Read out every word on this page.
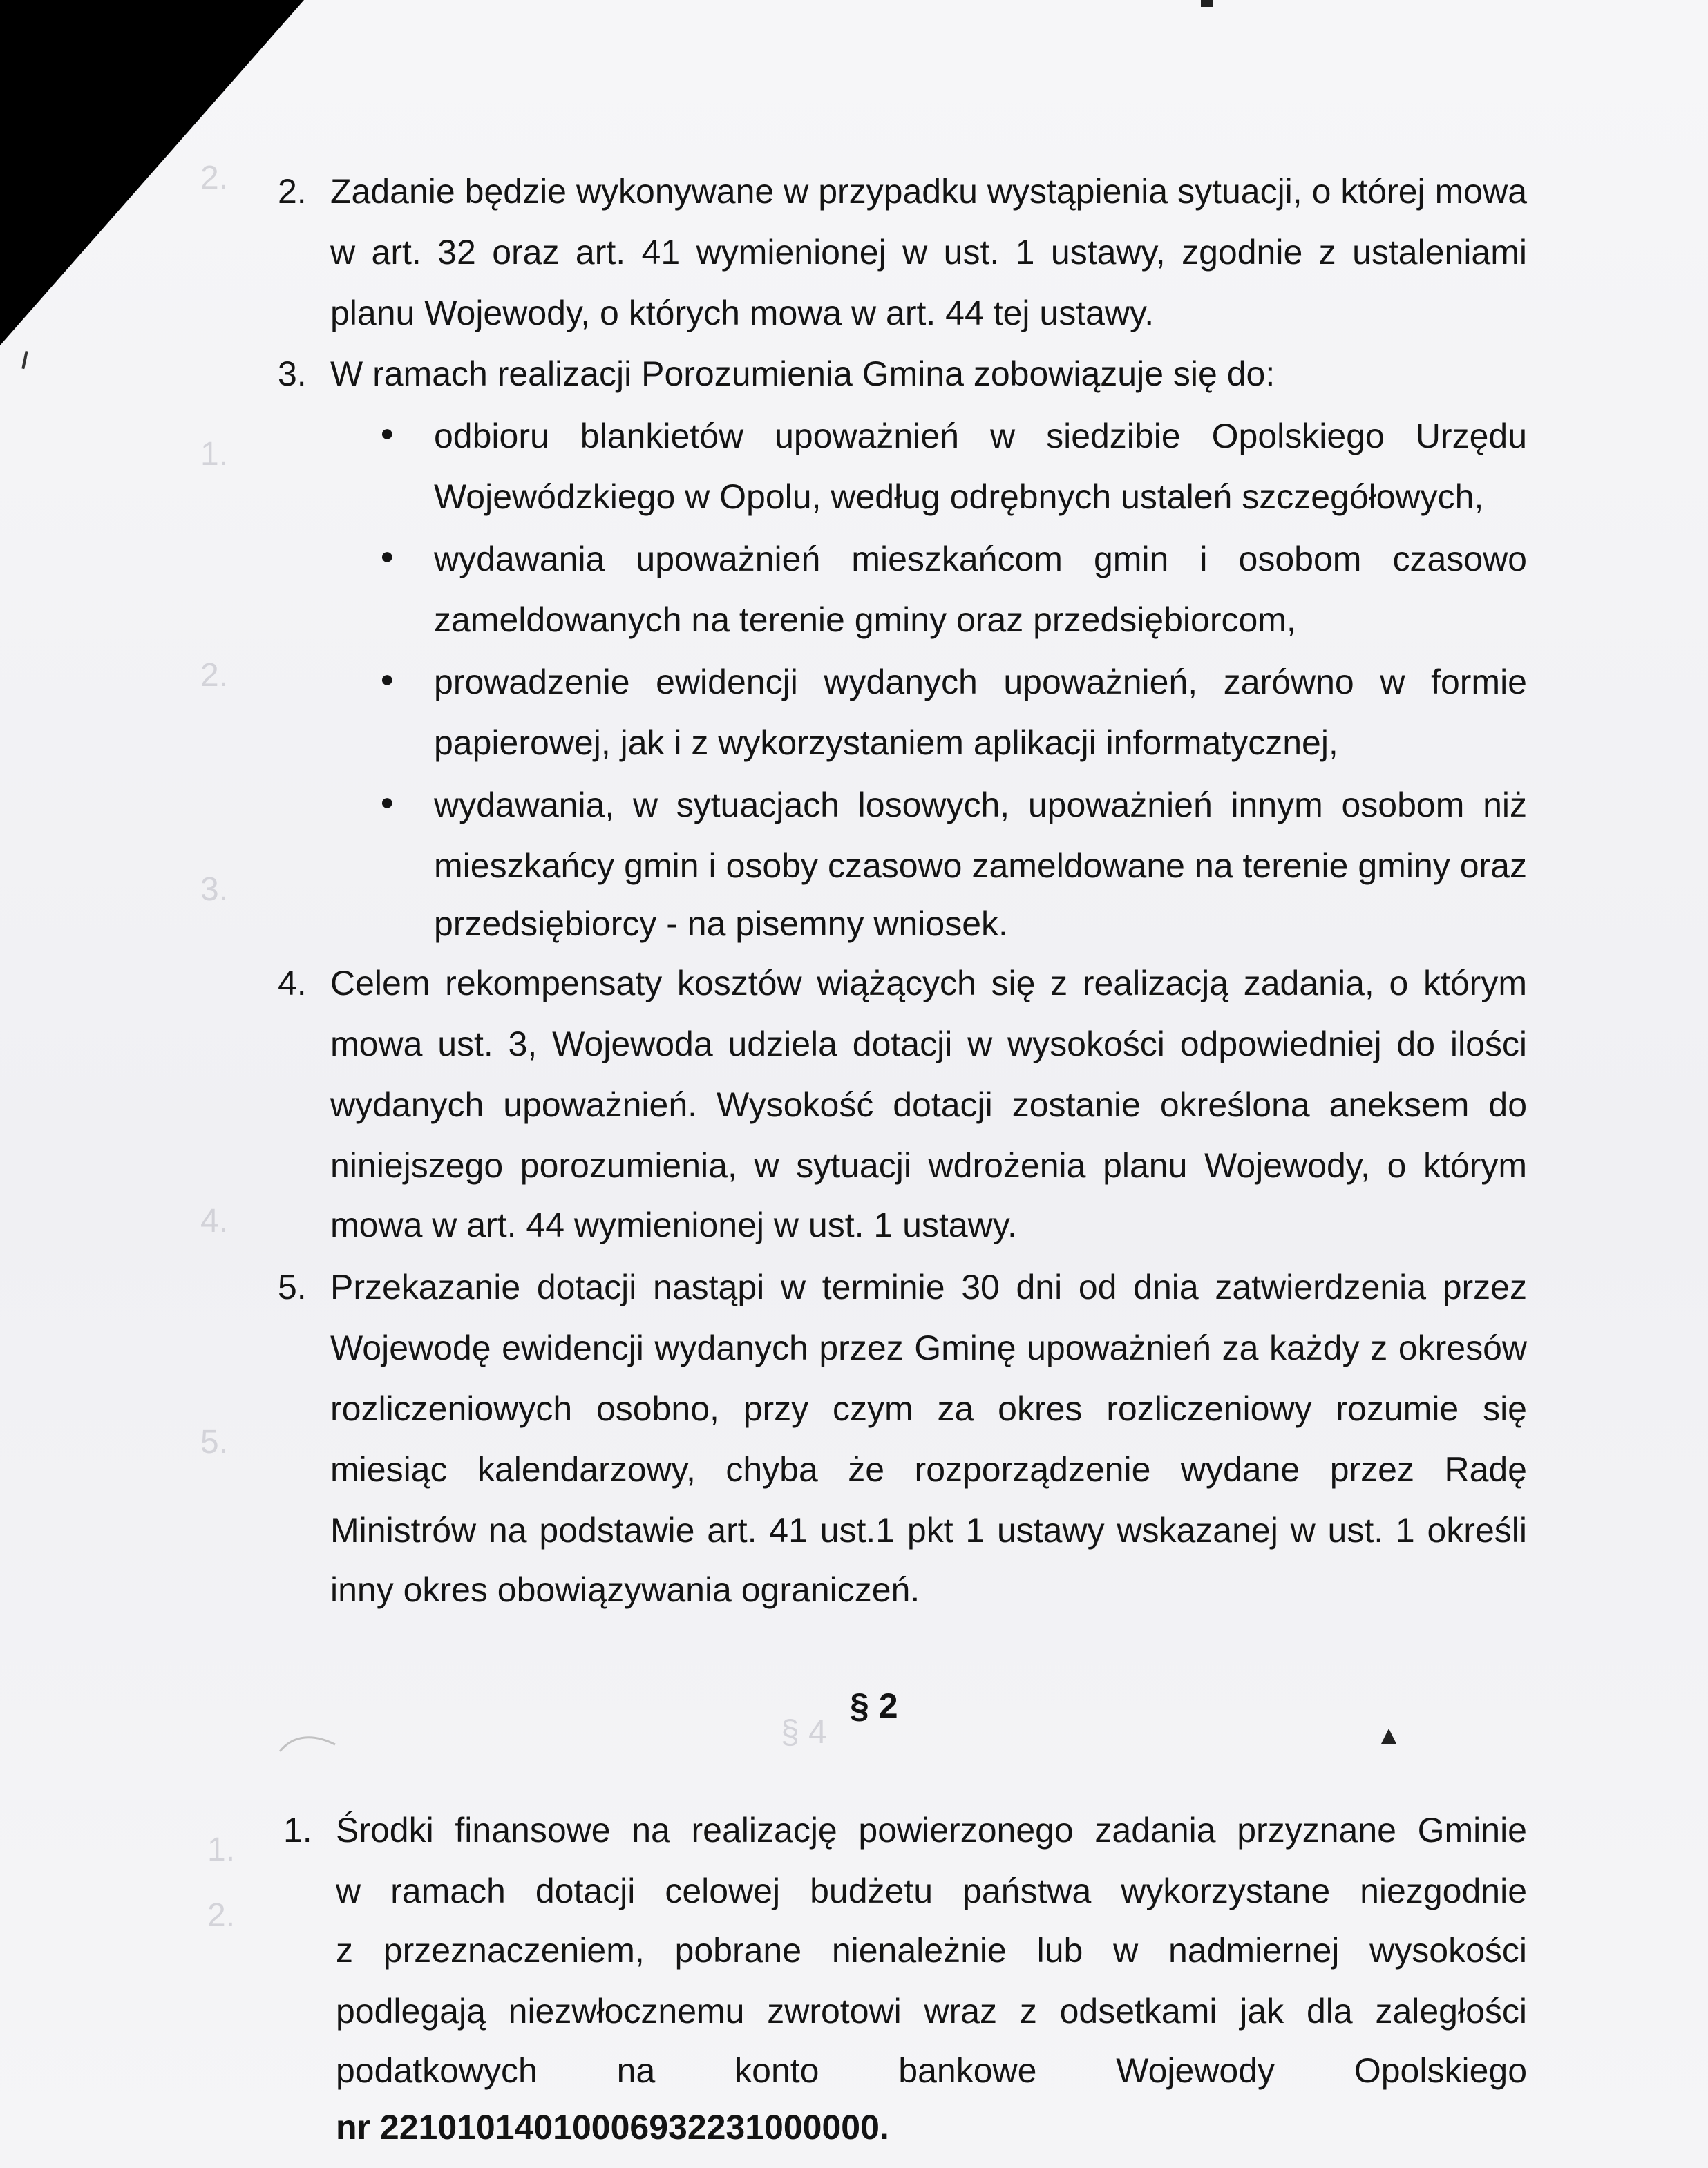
2.
1.
2.
3.
4.
5.
1.
2.
§ 4
2. Zadanie będzie wykonywane w przypadku wystąpienia sytuacji, o której mowa
w art. 32 oraz art. 41 wymienionej w ust. 1 ustawy, zgodnie z ustaleniami
planu Wojewody, o których mowa w art. 44 tej ustawy.
3. W ramach realizacji Porozumienia Gmina zobowiązuje się do:
● odbioru blankietów upoważnień w siedzibie Opolskiego Urzędu
Wojewódzkiego w Opolu, według odrębnych ustaleń szczegółowych,
● wydawania upoważnień mieszkańcom gmin i osobom czasowo
zameldowanych na terenie gminy oraz przedsiębiorcom,
● prowadzenie ewidencji wydanych upoważnień, zarówno w formie
papierowej, jak i z wykorzystaniem aplikacji informatycznej,
● wydawania, w sytuacjach losowych, upoważnień innym osobom niż
mieszkańcy gmin i osoby czasowo zameldowane na terenie gminy oraz
przedsiębiorcy - na pisemny wniosek.
4. Celem rekompensaty kosztów wiążących się z realizacją zadania, o którym
mowa ust. 3, Wojewoda udziela dotacji w wysokości odpowiedniej do ilości
wydanych upoważnień. Wysokość dotacji zostanie określona aneksem do
niniejszego porozumienia, w sytuacji wdrożenia planu Wojewody, o którym
mowa w art. 44 wymienionej w ust. 1 ustawy.
5. Przekazanie dotacji nastąpi w terminie 30 dni od dnia zatwierdzenia przez
Wojewodę ewidencji wydanych przez Gminę upoważnień za każdy z okresów
rozliczeniowych osobno, przy czym za okres rozliczeniowy rozumie się
miesiąc kalendarzowy, chyba że rozporządzenie wydane przez Radę
Ministrów na podstawie art. 41 ust.1 pkt 1 ustawy wskazanej w ust. 1 określi
inny okres obowiązywania ograniczeń.
§ 2
1. Środki finansowe na realizację powierzonego zadania przyznane Gminie
w ramach dotacji celowej budżetu państwa wykorzystane niezgodnie
z przeznaczeniem, pobrane nienależnie lub w nadmiernej wysokości
podlegają niezwłocznemu zwrotowi wraz z odsetkami jak dla zaległości
podatkowych na konto bankowe Wojewody Opolskiego
nr 22101014010006932231000000.
